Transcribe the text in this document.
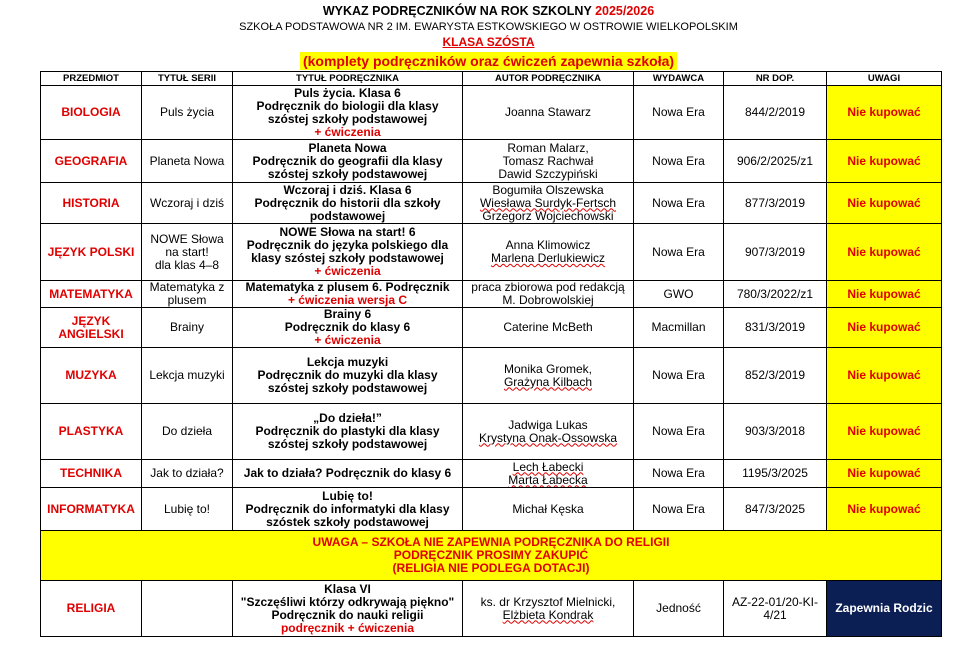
WYKAZ PODRĘCZNIKÓW NA ROK SZKOLNY 2025/2026
SZKOŁA PODSTAWOWA NR 2 IM. EWARYSTA ESTKOWSKIEGO W OSTROWIE WIELKOPOLSKIM
KLASA SZÓSTA
(komplety podręczników oraz ćwiczeń zapewnia szkoła)
PRZEDMIOT	TYTUŁ SERII	TYTUŁ PODRĘCZNIKA	AUTOR PODRĘCZNIKA	WYDAWCA	NR DOP.	UWAGI
BIOLOGIA	Puls życia	Puls życia. Klasa 6
Podręcznik do biologii dla klasy
szóstej szkoły podstawowej
+ ćwiczenia	Joanna Stawarz	Nowa Era	844/2/2019	Nie kupować
GEOGRAFIA	Planeta Nowa	Planeta Nowa
Podręcznik do geografii dla klasy
szóstej szkoły podstawowej	Roman Malarz,
Tomasz Rachwał
Dawid Szczypiński	Nowa Era	906/2/2025/z1	Nie kupować
HISTORIA	Wczoraj i dziś	Wczoraj i dziś. Klasa 6
Podręcznik do historii dla szkoły
podstawowej	Bogumiła Olszewska
Wiesława Surdyk-Fertsch
Grzegorz Wojciechowski	Nowa Era	877/3/2019	Nie kupować
JĘZYK POLSKI	NOWE Słowa
na start!
dla klas 4–8	NOWE Słowa na start! 6
Podręcznik do języka polskiego dla
klasy szóstej szkoły podstawowej
+ ćwiczenia	Anna Klimowicz
Marlena Derlukiewicz	Nowa Era	907/3/2019	Nie kupować
MATEMATYKA	Matematyka z
plusem	Matematyka z plusem 6. Podręcznik
+ ćwiczenia wersja C	praca zbiorowa pod redakcją
M. Dobrowolskiej	GWO	780/3/2022/z1	Nie kupować
JĘZYK ANGIELSKI	Brainy	Brainy 6
Podręcznik do klasy 6
+ ćwiczenia	Caterine McBeth	Macmillan	831/3/2019	Nie kupować
MUZYKA	Lekcja muzyki	Lekcja muzyki
Podręcznik do muzyki dla klasy
szóstej szkoły podstawowej	Monika Gromek,
Grażyna Kilbach	Nowa Era	852/3/2019	Nie kupować
PLASTYKA	Do dzieła	„Do dzieła!”
Podręcznik do plastyki dla klasy
szóstej szkoły podstawowej	Jadwiga Lukas
Krystyna Onak-Ossowska	Nowa Era	903/3/2018	Nie kupować
TECHNIKA	Jak to działa?	Jak to działa? Podręcznik do klasy 6	Lech Łabecki
Marta Łabecka	Nowa Era	1195/3/2025	Nie kupować
INFORMATYKA	Lubię to!	Lubię to!
Podręcznik do informatyki dla klasy
szóstek szkoły podstawowej	Michał Kęska	Nowa Era	847/3/2025	Nie kupować

UWAGA – SZKOŁA NIE ZAPEWNIA PODRĘCZNIKA DO RELIGII
PODRĘCZNIK PROSIMY ZAKUPIĆ
(RELIGIA NIE PODLEGA DOTACJI)						

RELIGIA		Klasa VI
"Szczęśliwi którzy odkrywają piękno"
Podręcznik do nauki religii
podręcznik + ćwiczenia	ks. dr Krzysztof Mielnicki,
Elżbieta Kondrak	Jedność	AZ-22-01/20-KI-
4/21	Zapewnia Rodzic
